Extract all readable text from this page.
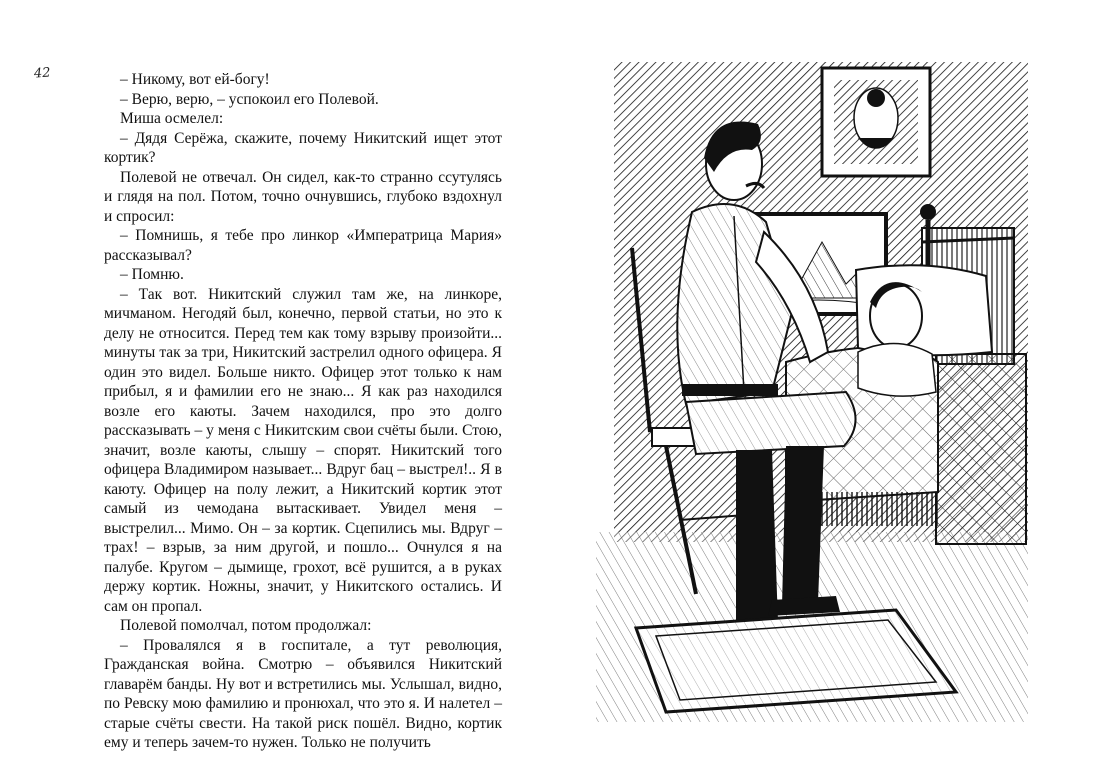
42	– Никому, вот ей-богу!

– Верю, верю, – успокоил его Полевой.

Миша осмелел:

– Дядя Серёжа, скажите, почему Никитский ищет этот кортик?

Полевой не отвечал. Он сидел, как-то странно ссутулясь и глядя на пол. Потом, точно очнувшись, глубоко вздохнул и спросил:

– Помнишь, я тебе про линкор «Императрица Мария» рассказывал?

– Помню.

– Так вот. Никитский служил там же, на линкоре, мичманом. Негодяй был, конечно, первой статьи, но это к делу не относится. Перед тем как тому взрыву произойти... минуты так за три, Никитский застрелил одного офицера. Я один это видел. Больше никто. Офицер этот только к нам прибыл, я и фамилии его не знаю... Я как раз находился возле его каюты. Зачем находился, про это долго рассказывать – у меня с Никитским свои счёты были. Стою, значит, возле каюты, слышу – спорят. Никитский того офицера Владимиром называет... Вдруг бац – выстрел!.. Я в каюту. Офицер на полу лежит, а Никитский кортик этот самый из чемодана вытаскивает. Увидел меня – выстрелил... Мимо. Он – за кортик. Сцепились мы. Вдруг – трах! – взрыв, за ним другой, и пошло... Очнулся я на палубе. Кругом – дымище, грохот, всё рушится, а в руках держу кортик. Ножны, значит, у Никитского остались. И сам он пропал.

Полевой помолчал, потом продолжал:

– Провалялся я в госпитале, а тут революция, Гражданская война. Смотрю – объявился Никитский главарём банды. Ну вот и встретились мы. Услышал, видно, по Ревску мою фамилию и пронюхал, что это я. И налетел – старые счёты свести. На такой риск пошёл. Видно, кортик ему и теперь зачем-то нужен. Только не получить
